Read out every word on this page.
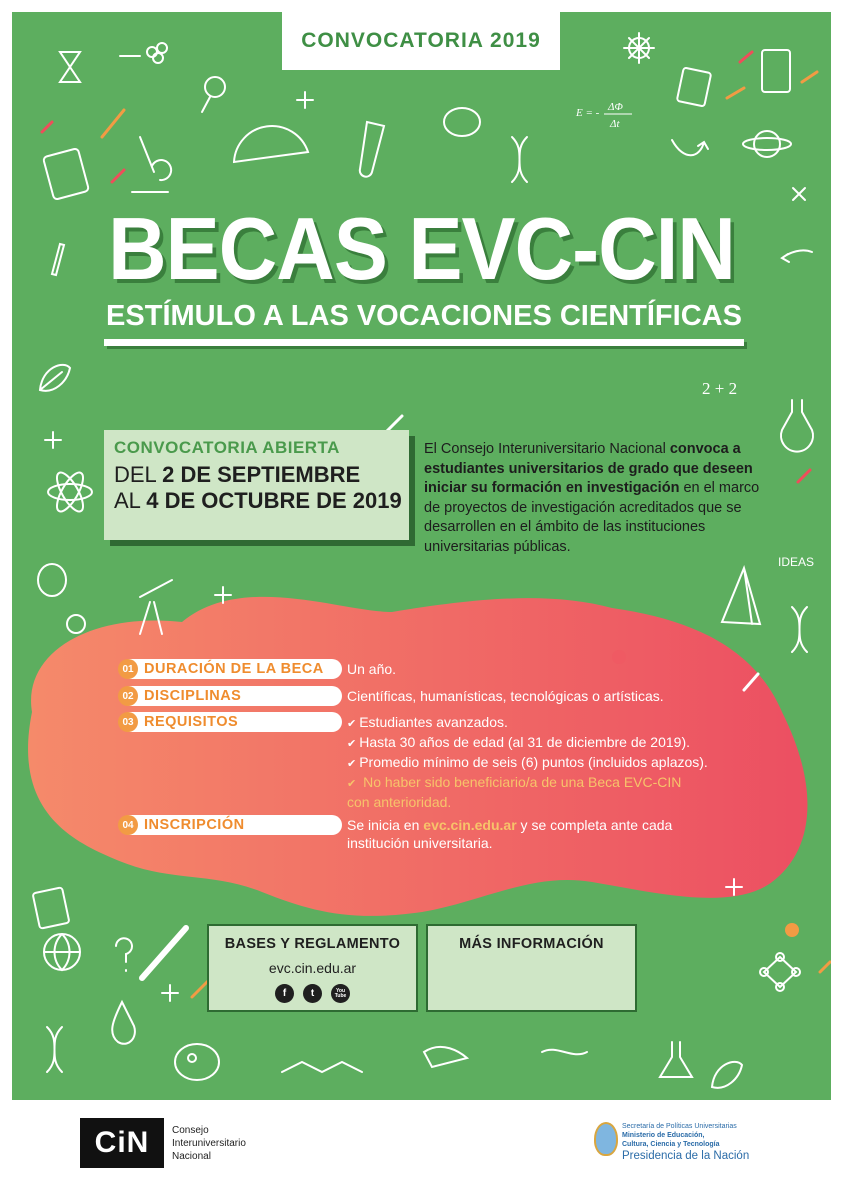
E = - ΔΦ
Δt
2 + 2
IDEAS
CONVOCATORIA 2019
BECAS EVC-CIN
ESTÍMULO A LAS VOCACIONES CIENTÍFICAS
CONVOCATORIA ABIERTA
DEL 2 DE SEPTIEMBRE
AL 4 DE OCTUBRE DE 2019
El Consejo Interuniversitario Nacional convoca a estudiantes universitarios de grado que deseen iniciar su formación en investigación en el marco de proyectos de investigación acreditados que se desarrollen en el ámbito de las instituciones universitarias públicas.
01 DURACIÓN DE LA BECA Un año.
02 DISCIPLINAS	Científicas, humanísticas, tecnológicas o artísticas.
03 REQUISITOS	✔ Estudiantes avanzados.
✔ Hasta 30 años de edad (al 31 de diciembre de 2019).
✔ Promedio mínimo de seis (6) puntos (incluidos aplazos).
✔ No haber sido beneficiario/a de una Beca EVC-CIN
con anterioridad.
04 INSCRIPCIÓN	Se inicia en evc.cin.edu.ar y se completa ante cada
institución universitaria.
BASES Y REGLAMENTO
evc.cin.edu.ar
f	t	You Tube
MÁS INFORMACIÓN
CiN	Consejo
Interuniversitario
Nacional
Secretaría de Políticas Universitarias
Ministerio de Educación,
Cultura, Ciencia y Tecnología
Presidencia de la Nación
